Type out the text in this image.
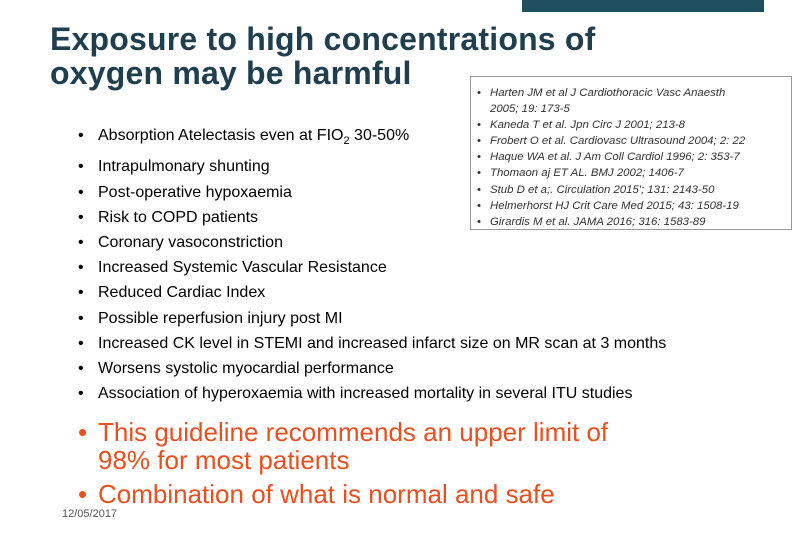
Exposure to high concentrations of
oxygen may be harmful
• Harten JM et al J Cardiothoracic Vasc Anaesth
2005; 19: 173-5
• Kaneda T et al. Jpn Circ J 2001; 213-8
• Frobert O et al. Cardiovasc Ultrasound 2004; 2: 22
• Haque WA et al. J Am Coll Cardiol 1996; 2: 353-7
• Thomaon aj ET AL. BMJ 2002; 1406-7
• Stub D et a;. Circulation 2015'; 131: 2143-50
• Helmerhorst HJ Crit Care Med 2015; 43: 1508-19
• Girardis M et al. JAMA 2016; 316: 1583-89
• Absorption Atelectasis even at $FIO_2$ 30-50%
• Intrapulmonary shunting
• Post-operative hypoxaemia
• Risk to COPD patients
• Coronary vasoconstriction
• Increased Systemic Vascular Resistance
• Reduced Cardiac Index
• Possible reperfusion injury post MI
• Increased CK level in STEMI and increased infarct size on MR scan at 3 months
• Worsens systolic myocardial performance
• Association of hyperoxaemia with increased mortality in several ITU studies
• This guideline recommends an upper limit of
98% for most patients
• Combination of what is normal and safe
12/05/2017
